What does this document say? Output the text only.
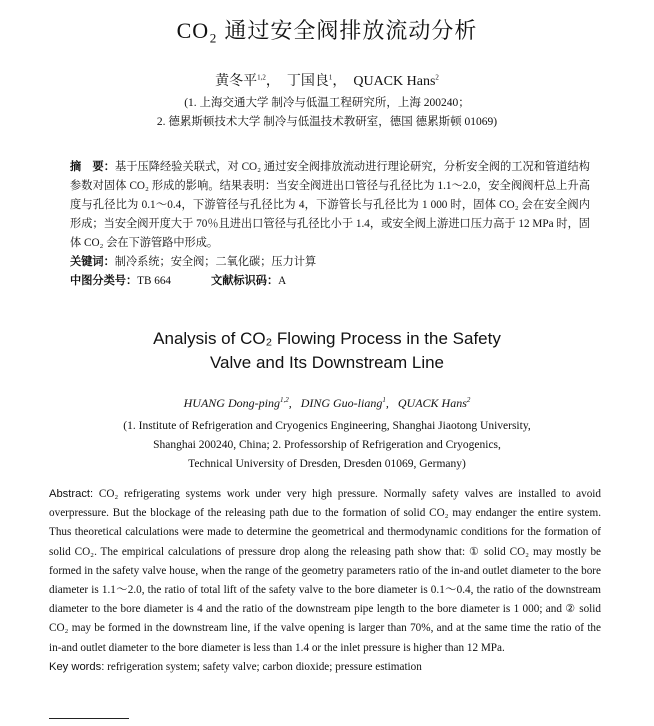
CO₂ 通过安全阀排放流动分析
黄冬平$^{1,2}$，  丁国良$^1$，  QUACK Hans$^2$
(1. 上海交通大学 制冷与低温工程研究所，上海 200240；
2. 德累斯顿技术大学 制冷与低温技术教研室，德国 德累斯顿 01069)
摘　要：基于压降经验关联式，对 CO₂ 通过安全阀排放流动进行理论研究，分析安全阀的工况和管道结构参数对固体 CO₂ 形成的影响。结果表明：当安全阀进出口管径与孔径比为 1.1～2.0，安全阀阀杆总上升高度与孔径比为 0.1～0.4，下游管径与孔径比为 4，下游管长与孔径比为 1 000 时，固体 CO₂ 会在安全阀内形成；当安全阀开度大于 70％且进出口管径与孔径比小于 1.4，或安全阀上游进口压力高于 12 MPa 时，固体 CO₂ 会在下游管路中形成。
关键词：制冷系统；安全阀；二氧化碳；压力计算
中图分类号：TB 664	文献标识码：A
Analysis of CO₂ Flowing Process in the Safety
Valve and Its Downstream Line
HUANG Dong-ping$^{1,2}$,   DING Guo-liang$^1$,   QUACK Hans$^2$
(1. Institute of Refrigeration and Cryogenics Engineering, Shanghai Jiaotong University,
Shanghai 200240, China; 2. Professorship of Refrigeration and Cryogenics,
Technical University of Dresden, Dresden 01069, Germany)
Abstract: CO₂ refrigerating systems work under very high pressure. Normally safety valves are installed to avoid overpressure. But the blockage of the releasing path due to the formation of solid CO₂ may endanger the entire system. Thus theoretical calculations were made to determine the geometrical and thermodynamic conditions for the formation of solid CO₂. The empirical calculations of pressure drop along the releasing path show that: ① solid CO₂ may mostly be formed in the safety valve house, when the range of the geometry parameters ratio of the in-and outlet diameter to the bore diameter is 1.1～2.0, the ratio of total lift of the safety valve to the bore diameter is 0.1～0.4, the ratio of the downstream diameter to the bore diameter is 4 and the ratio of the downstream pipe length to the bore diameter is 1 000; and ② solid CO₂ may be formed in the downstream line, if the valve opening is larger than 70%, and at the same time the ratio of the in-and outlet diameter to the bore diameter is less than 1.4 or the inlet pressure is higher than 12 MPa.
Key words: refrigeration system; safety valve; carbon dioxide; pressure estimation
